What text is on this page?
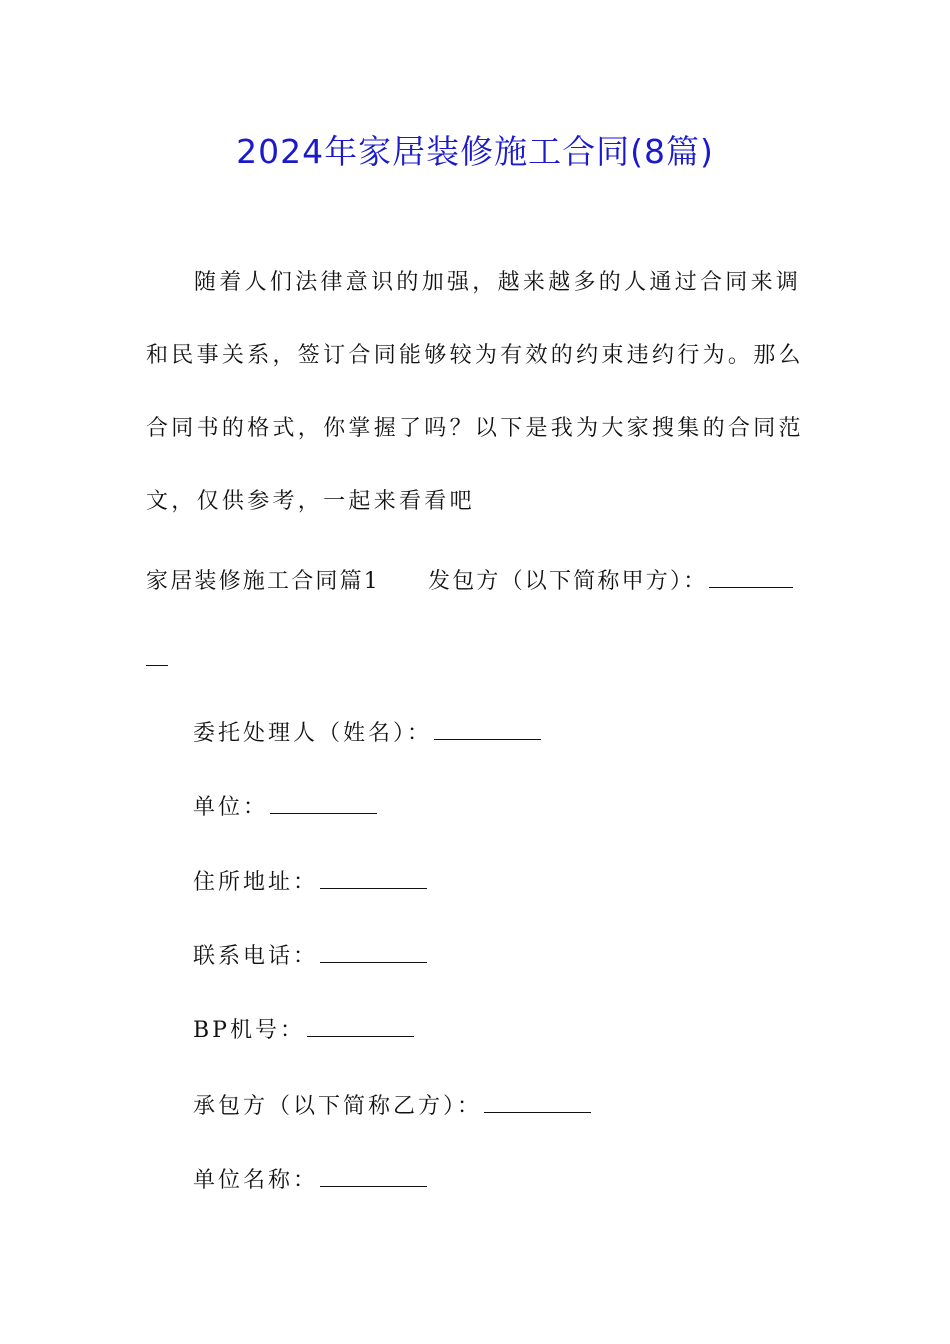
2024年家居装修施工合同(8篇)

随着人们法律意识的加强，越来越多的人通过合同来调和民事关系，签订合同能够较为有效的约束违约行为。那么合同书的格式，你掌握了吗？以下是我为大家搜集的合同范文，仅供参考，一起来看看吧

家居装修施工合同篇1 发包方（以下简称甲方）：
委托处理人（姓名）：
单位：
住所地址：
联系电话：
BP机号：
承包方（以下简称乙方）：
单位名称：
